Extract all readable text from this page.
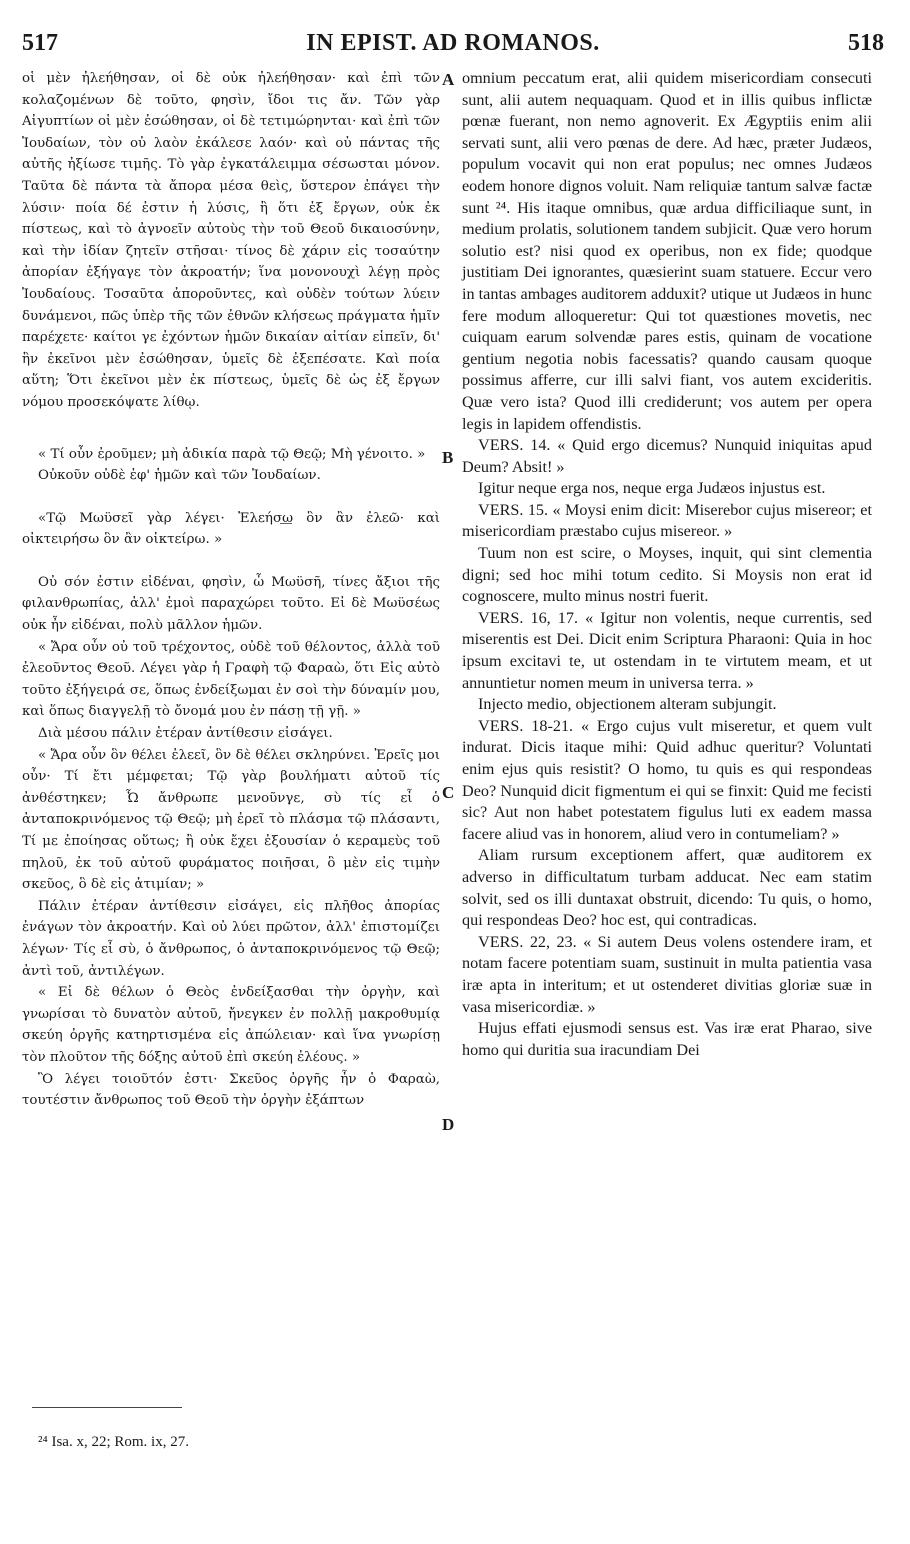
517	IN EPIST. AD ROMANOS.	518

οἱ μὲν ἠλεήθησαν, οἱ δὲ οὐκ ἠλεήθησαν· καὶ ἐπὶ τῶν κολαζομένων δὲ τοῦτο, φησὶν, ἴδοι τις ἄν. Τῶν γὰρ Αἰγυπτίων οἱ μὲν ἐσώθησαν, οἱ δὲ τετιμώρηνται· καὶ ἐπὶ τῶν Ἰουδαίων, τὸν οὐ λαὸν ἐκάλεσε λαόν· καὶ οὐ πάντας τῆς αὐτῆς ἠξίωσε τιμῆς. Τὸ γὰρ ἐγκατάλειμμα σέσωσται μόνον. Ταῦτα δὲ πάντα τὰ ἄπορα μέσα θεὶς, ὕστερον ἐπάγει τὴν λύσιν· ποία δέ ἐστιν ἡ λύσις, ἢ ὅτι ἐξ ἔργων, οὐκ ἐκ πίστεως, καὶ τὸ ἀγνοεῖν αὐτοὺς τὴν τοῦ Θεοῦ δικαιοσύνην, καὶ τὴν ἰδίαν ζητεῖν στῆσαι· τίνος δὲ χάριν εἰς τοσαύτην ἀπορίαν ἐξήγαγε τὸν ἀκροατήν; ἵνα μονονουχὶ λέγῃ πρὸς Ἰουδαίους. Τοσαῦτα ἀποροῦντες, καὶ οὐδὲν τούτων λύειν δυνάμενοι, πῶς ὑπὲρ τῆς τῶν ἐθνῶν κλήσεως πράγματα ἡμῖν παρέχετε· καίτοι γε ἐχόντων ἡμῶν δικαίαν αἰτίαν εἰπεῖν, δι' ἣν ἐκεῖνοι μὲν ἐσώθησαν, ὑμεῖς δὲ ἐξεπέσατε. Καὶ ποία αὕτη; Ὅτι ἐκεῖνοι μὲν ἐκ πίστεως, ὑμεῖς δὲ ὡς ἐξ ἔργων νόμου προσεκόψατε λίθῳ.

« Τί οὖν ἐροῦμεν; μὴ ἀδικία παρὰ τῷ Θεῷ; Μὴ γένοιτο. »

Οὐκοῦν οὐδὲ ἐφ' ἡμῶν καὶ τῶν Ἰουδαίων.

«Τῷ Μωϋσεῖ γὰρ λέγει· Ἐλεήσω ὃν ἂν ἐλεῶ· καὶ οἰκτειρήσω ὃν ἂν οἰκτείρω. »

Οὐ σόν ἐστιν εἰδέναι, φησὶν, ὦ Μωϋσῆ, τίνες ἄξιοι τῆς φιλανθρωπίας, ἀλλ' ἐμοὶ παραχώρει τοῦτο. Εἰ δὲ Μωϋσέως οὐκ ἦν εἰδέναι, πολὺ μᾶλλον ἡμῶν.

« Ἄρα οὖν οὐ τοῦ τρέχοντος, οὐδὲ τοῦ θέλοντος, ἀλλὰ τοῦ ἐλεοῦντος Θεοῦ. Λέγει γὰρ ἡ Γραφὴ τῷ Φαραὼ, ὅτι Εἰς αὐτὸ τοῦτο ἐξήγειρά σε, ὅπως ἐνδείξωμαι ἐν σοὶ τὴν δύναμίν μου, καὶ ὅπως διαγγελῇ τὸ ὄνομά μου ἐν πάσῃ τῇ γῇ. »

Διὰ μέσου πάλιν ἑτέραν ἀντίθεσιν εἰσάγει.

« Ἄρα οὖν ὃν θέλει ἐλεεῖ, ὃν δὲ θέλει σκληρύνει. Ἐρεῖς μοι οὖν· Τί ἔτι μέμφεται; Τῷ γὰρ βουλήματι αὐτοῦ τίς ἀνθέστηκεν; Ὦ ἄνθρωπε μενοῦνγε, σὺ τίς εἶ ὁ ἀνταποκρινόμενος τῷ Θεῷ; μὴ ἐρεῖ τὸ πλάσμα τῷ πλάσαντι, Τί με ἐποίησας οὕτως; ἢ οὐκ ἔχει ἐξουσίαν ὁ κεραμεὺς τοῦ πηλοῦ, ἐκ τοῦ αὐτοῦ φυράματος ποιῆσαι, ὃ μὲν εἰς τιμὴν σκεῦος, ὃ δὲ εἰς ἀτιμίαν; »

Πάλιν ἑτέραν ἀντίθεσιν εἰσάγει, εἰς πλῆθος ἀπορίας ἐνάγων τὸν ἀκροατήν. Καὶ οὐ λύει πρῶτον, ἀλλ' ἐπιστομίζει λέγων· Τίς εἶ σὺ, ὁ ἄνθρωπος, ὁ ἀνταποκρινόμενος τῷ Θεῷ; ἀντὶ τοῦ, ἀντιλέγων.

« Εἰ δὲ θέλων ὁ Θεὸς ἐνδείξασθαι τὴν ὀργὴν, καὶ γνωρίσαι τὸ δυνατὸν αὐτοῦ, ἤνεγκεν ἐν πολλῇ μακροθυμίᾳ σκεύη ὀργῆς κατηρτισμένα εἰς ἀπώλειαν· καὶ ἵνα γνωρίσῃ τὸν πλοῦτον τῆς δόξης αὐτοῦ ἐπὶ σκεύη ἐλέους. »

Ὃ λέγει τοιοῦτόν ἐστι· Σκεῦος ὀργῆς ἦν ὁ Φαραὼ, τουτέστιν ἄνθρωπος τοῦ Θεοῦ τὴν ὀργὴν ἐξάπτων

A
B
C
D

omnium peccatum erat, alii quidem misericordiam consecuti sunt, alii autem nequaquam. Quod et in illis quibus inflictæ pœnæ fuerant, non nemo agnoverit. Ex Ægyptiis enim alii servati sunt, alii vero pœnas de dere. Ad hæc, præter Judæos, populum vocavit qui non erat populus; nec omnes Judæos eodem honore dignos voluit. Nam reliquiæ tantum salvæ factæ sunt ²⁴. His itaque omnibus, quæ ardua difficiliaque sunt, in medium prolatis, solutionem tandem subjicit. Quæ vero horum solutio est? nisi quod ex operibus, non ex fide; quodque justitiam Dei ignorantes, quæsierint suam statuere. Eccur vero in tantas ambages auditorem adduxit? utique ut Judæos in hunc fere modum alloqueretur: Qui tot quæstiones movetis, nec cuiquam earum solvendæ pares estis, quinam de vocatione gentium negotia nobis facessatis? quando causam quoque possimus afferre, cur illi salvi fiant, vos autem excideritis. Quæ vero ista? Quod illi crediderunt; vos autem per opera legis in lapidem offendistis.

VERS. 14. « Quid ergo dicemus? Nunquid iniquitas apud Deum? Absit! »

Igitur neque erga nos, neque erga Judæos injustus est.

VERS. 15. « Moysi enim dicit: Miserebor cujus misereor; et misericordiam præstabo cujus misereor. »

Tuum non est scire, o Moyses, inquit, qui sint clementia digni; sed hoc mihi totum cedito. Si Moysis non erat id cognoscere, multo minus nostri fuerit.

VERS. 16, 17. « Igitur non volentis, neque currentis, sed miserentis est Dei. Dicit enim Scriptura Pharaoni: Quia in hoc ipsum excitavi te, ut ostendam in te virtutem meam, et ut annuntietur nomen meum in universa terra. »

Injecto medio, objectionem alteram subjungit.

VERS. 18-21. « Ergo cujus vult miseretur, et quem vult indurat. Dicis itaque mihi: Quid adhuc queritur? Voluntati enim ejus quis resistit? O homo, tu quis es qui respondeas Deo? Nunquid dicit figmentum ei qui se finxit: Quid me fecisti sic? Aut non habet potestatem figulus luti ex eadem massa facere aliud vas in honorem, aliud vero in contumeliam? »

Aliam rursum exceptionem affert, quæ auditorem ex adverso in difficultatum turbam adducat. Nec eam statim solvit, sed os illi duntaxat obstruit, dicendo: Tu quis, o homo, qui respondeas Deo? hoc est, qui contradicas.

VERS. 22, 23. « Si autem Deus volens ostendere iram, et notam facere potentiam suam, sustinuit in multa patientia vasa iræ apta in interitum; et ut ostenderet divitias gloriæ suæ in vasa misericordiæ. »

Hujus effati ejusmodi sensus est. Vas iræ erat Pharao, sive homo qui duritia sua iracundiam Dei

²⁴ Isa. x, 22; Rom. ix, 27.
